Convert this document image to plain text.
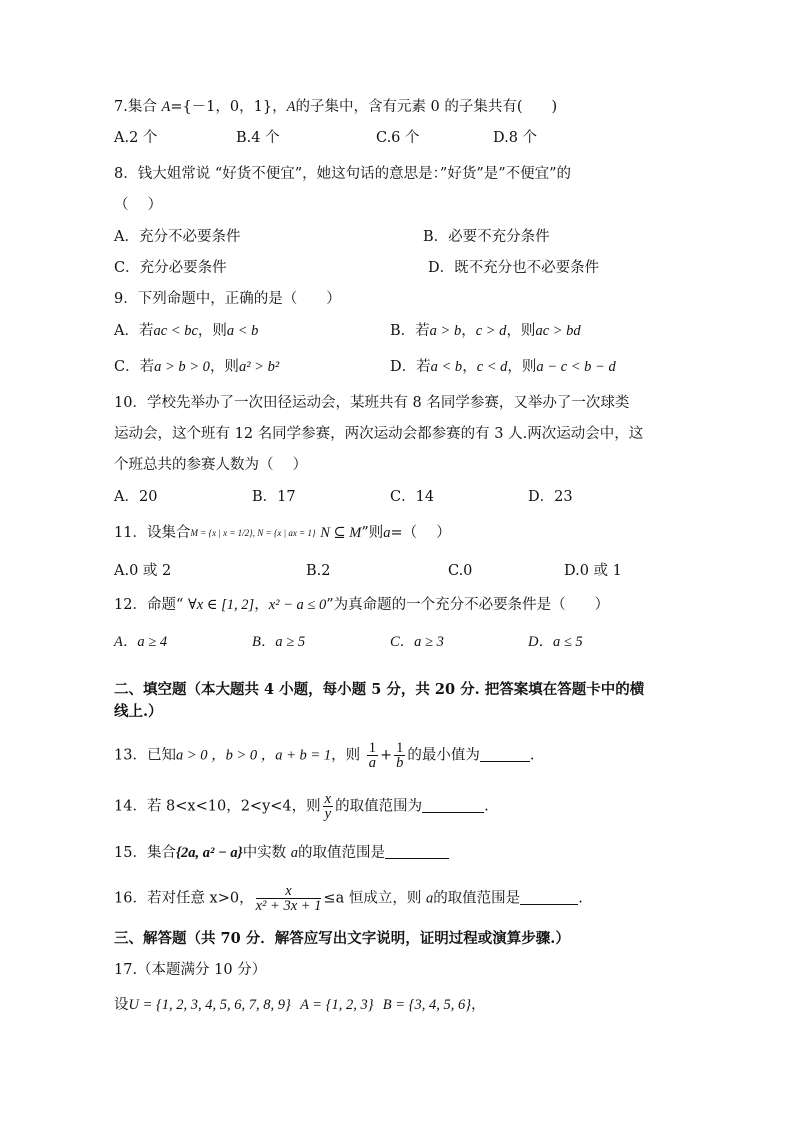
7.集合 A={－1，0，1}，A的子集中，含有元素 0 的子集共有(　　)
A.2 个	B.4 个	C.6 个	D.8 个
8．钱大姐常说 “好货不便宜”，她这句话的意思是：”好货”是”不便宜”的
（　 ）
A．充分不必要条件	B．必要不充分条件
C．充分必要条件	D．既不充分也不必要条件
9．下列命题中，正确的是（　　）
A．若ac < bc，则a < b	B．若a > b，c > d，则ac > bd
C．若a > b > 0，则a² > b²	D．若a < b，c < d，则a − c < b − d
10．学校先举办了一次田径运动会，某班共有 8 名同学参赛，又举办了一次球类
运动会，这个班有 12 名同学参赛，两次运动会都参赛的有 3 人.两次运动会中，这
个班总共的参赛人数为（　 ）
A．20	B．17	C．14	D．23
11．设集合M = {x | x = 1/2}, N = {x | ax = 1} N ⊆ M”则a=（　 ）
A.0 或 2	B.2	C.0	D.0 或 1
12．命题“ ∀x ∈ [1, 2]，x² − a ≤ 0”为真命题的一个充分不必要条件是（　　）
A．a ≥ 4	B．a ≥ 5	C．a ≥ 3	D．a ≤ 5
二、填空题（本大题共 4 小题，每小题 5 分，共 20 分. 把答案填在答题卡中的横
线上.）
13．已知a > 0 ，b > 0 ，a + b = 1，则 $\frac{1}{a} + \frac{1}{b}$ 的最小值为	.
14．若 8<x<10，2<y<4，则 $\frac{x}{y}$ 的取值范围为	.
15．集合{2a, a² − a}中实数 a的取值范围是
16．若对任意 x>0， $\frac{x}{\text{x² + 3x + 1}} \le a$ 恒成立，则 a的取值范围是	.
三、解答题（共 70 分．解答应写出文字说明，证明过程或演算步骤.）
17.（本题满分 10 分）
设U = {1, 2, 3, 4, 5, 6, 7, 8, 9} A = {1, 2, 3} B = {3, 4, 5, 6}，
